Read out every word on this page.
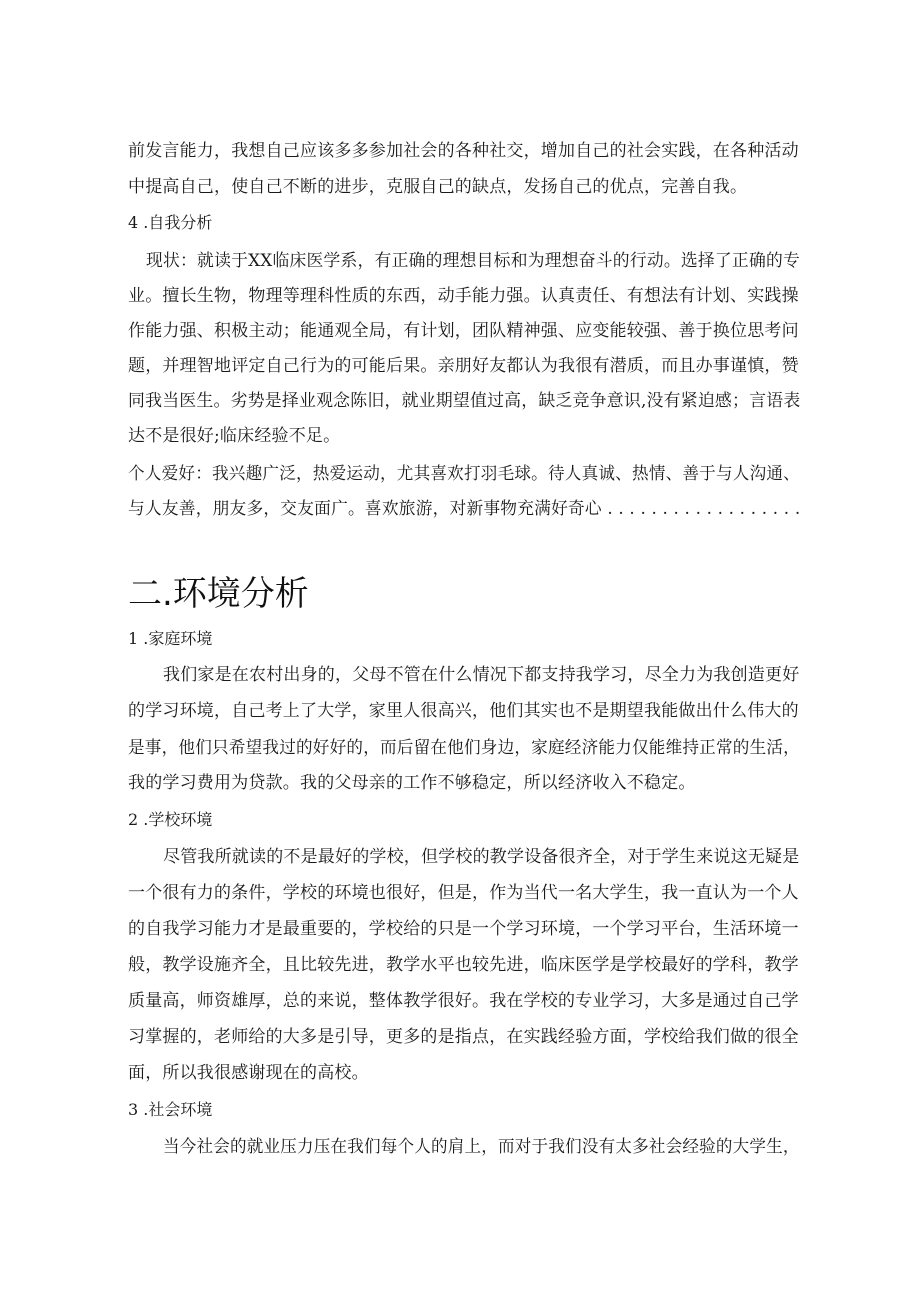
前发言能力，我想自己应该多多参加社会的各种社交，增加自己的社会实践，在各种活动
中提高自己，使自己不断的进步，克服自己的缺点，发扬自己的优点，完善自我。
4 .自我分析
现状：就读于XX临床医学系，有正确的理想目标和为理想奋斗的行动。选择了正确的专
业。擅长生物，物理等理科性质的东西，动手能力强。认真责任、有想法有计划、实践操
作能力强、积极主动；能通观全局，有计划，团队精神强、应变能较强、善于换位思考问
题，并理智地评定自己行为的可能后果。亲朋好友都认为我很有潜质，而且办事谨慎，赞
同我当医生。劣势是择业观念陈旧，就业期望值过高，缺乏竞争意识,没有紧迫感；言语表
达不是很好;临床经验不足。
个人爱好：我兴趣广泛，热爱运动，尤其喜欢打羽毛球。待人真诚、热情、善于与人沟通、
与人友善，朋友多，交友面广。喜欢旅游，对新事物充满好奇心 . . . . . . . . . . . . . . . . . .
二.环境分析
1 .家庭环境
我们家是在农村出身的，父母不管在什么情况下都支持我学习，尽全力为我创造更好
的学习环境，自己考上了大学，家里人很高兴，他们其实也不是期望我能做出什么伟大的
是事，他们只希望我过的好好的，而后留在他们身边，家庭经济能力仅能维持正常的生活，
我的学习费用为贷款。我的父母亲的工作不够稳定，所以经济收入不稳定。
2 .学校环境
尽管我所就读的不是最好的学校，但学校的教学设备很齐全，对于学生来说这无疑是
一个很有力的条件，学校的环境也很好，但是，作为当代一名大学生，我一直认为一个人
的自我学习能力才是最重要的，学校给的只是一个学习环境，一个学习平台，生活环境一
般，教学设施齐全，且比较先进，教学水平也较先进，临床医学是学校最好的学科，教学
质量高，师资雄厚，总的来说，整体教学很好。我在学校的专业学习，大多是通过自己学
习掌握的，老师给的大多是引导，更多的是指点，在实践经验方面，学校给我们做的很全
面，所以我很感谢现在的高校。
3 .社会环境
当今社会的就业压力压在我们每个人的肩上，而对于我们没有太多社会经验的大学生，
